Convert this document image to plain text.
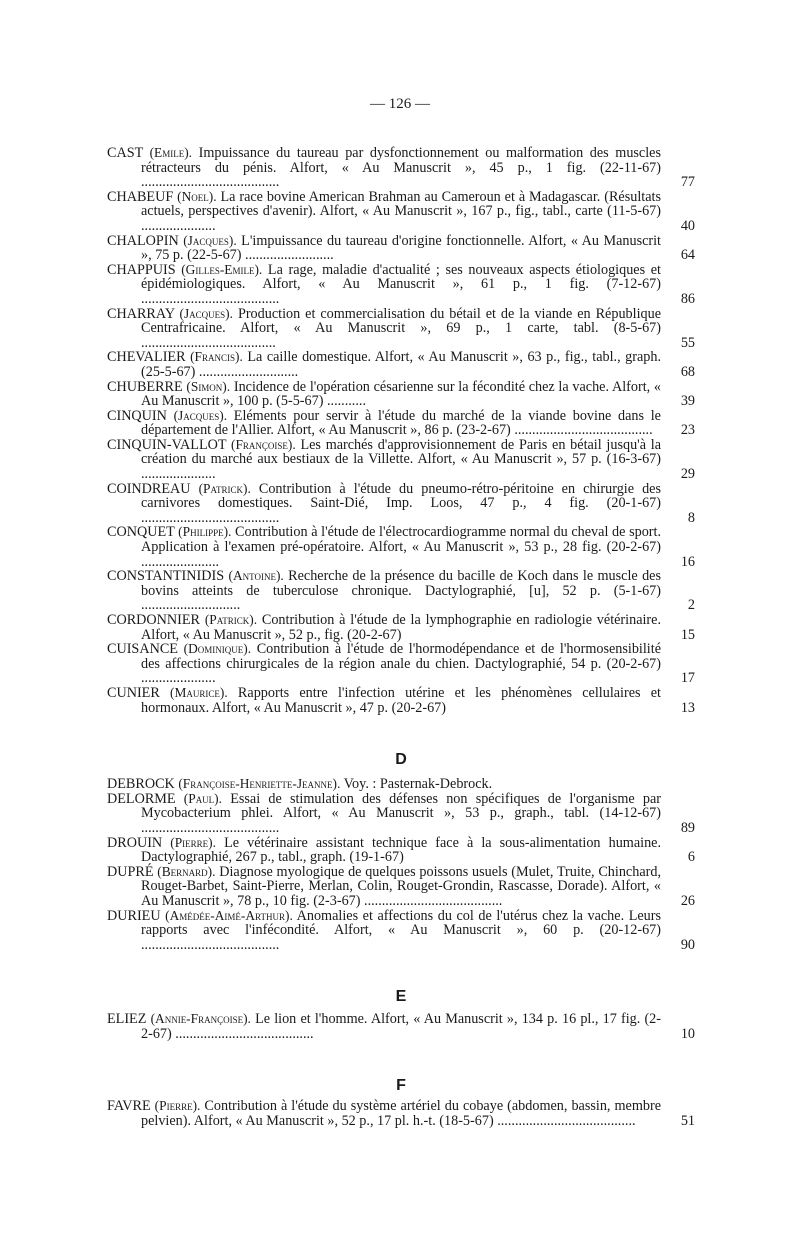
— 126 —
CAST (Emile). Impuissance du taureau par dysfonctionnement ou malformation des muscles rétracteurs du pénis. Alfort, « Au Manuscrit », 45 p., 1 fig. (22-11-67) .......................................	77
CHABEUF (Noel). La race bovine American Brahman au Cameroun et à Madagascar. (Résultats actuels, perspectives d'avenir). Alfort, « Au Manuscrit », 167 p., fig., tabl., carte (11-5-67) .....................	40
CHALOPIN (Jacques). L'impuissance du taureau d'origine fonctionnelle. Alfort, « Au Manuscrit », 75 p. (22-5-67) .........................	64
CHAPPUIS (Gilles-Emile). La rage, maladie d'actualité ; ses nouveaux aspects étiologiques et épidémiologiques. Alfort, « Au Manuscrit », 61 p., 1 fig. (7-12-67) .......................................	86
CHARRAY (Jacques). Production et commercialisation du bétail et de la viande en République Centrafricaine. Alfort, « Au Manuscrit », 69 p., 1 carte, tabl. (8-5-67) ......................................	55
CHEVALIER (Francis). La caille domestique. Alfort, « Au Manuscrit », 63 p., fig., tabl., graph. (25-5-67) ............................	68
CHUBERRE (Simon). Incidence de l'opération césarienne sur la fécondité chez la vache. Alfort, « Au Manuscrit », 100 p. (5-5-67) ...........	39
CINQUIN (Jacques). Eléments pour servir à l'étude du marché de la viande bovine dans le département de l'Allier. Alfort, « Au Manuscrit », 86 p. (23-2-67) ....................................... 23
CINQUIN-VALLOT (Françoise). Les marchés d'approvisionnement de Paris en bétail jusqu'à la création du marché aux bestiaux de la Villette. Alfort, « Au Manuscrit », 57 p. (16-3-67) .....................	29
COINDREAU (Patrick). Contribution à l'étude du pneumo-rétro-péritoine en chirurgie des carnivores domestiques. Saint-Dié, Imp. Loos, 47 p., 4 fig. (20-1-67) .......................................	8
CONQUET (Philippe). Contribution à l'étude de l'électrocardiogramme normal du cheval de sport. Application à l'examen pré-opératoire. Alfort, « Au Manuscrit », 53 p., 28 fig. (20-2-67) ......................	16
CONSTANTINIDIS (Antoine). Recherche de la présence du bacille de Koch dans le muscle des bovins atteints de tuberculose chronique. Dactylographié, [u], 52 p. (5-1-67) ............................	2
CORDONNIER (Patrick). Contribution à l'étude de la lymphographie en radiologie vétérinaire. Alfort, « Au Manuscrit », 52 p., fig. (20-2-67)	15
CUISANCE (Dominique). Contribution à l'étude de l'hormodépendance et de l'hormosensibilité des affections chirurgicales de la région anale du chien. Dactylographié, 54 p. (20-2-67) .....................	17
CUNIER (Maurice). Rapports entre l'infection utérine et les phénomènes cellulaires et hormonaux. Alfort, « Au Manuscrit », 47 p. (20-2-67)	13
D
DEBROCK (Françoise-Henriette-Jeanne). Voy. : Pasternak-Debrock.
DELORME (Paul). Essai de stimulation des défenses non spécifiques de l'organisme par Mycobacterium phlei. Alfort, « Au Manuscrit », 53 p., graph., tabl. (14-12-67) .......................................	89
DROUIN (Pierre). Le vétérinaire assistant technique face à la sous-alimentation humaine. Dactylographié, 267 p., tabl., graph. (19-1-67)	6
DUPRÉ (Bernard). Diagnose myologique de quelques poissons usuels (Mulet, Truite, Chinchard, Rouget-Barbet, Saint-Pierre, Merlan, Colin, Rouget-Grondin, Rascasse, Dorade). Alfort, « Au Manuscrit », 78 p., 10 fig. (2-3-67) .......................................	26
DURIEU (Amédée-Aimé-Arthur). Anomalies et affections du col de l'utérus chez la vache. Leurs rapports avec l'infécondité. Alfort, « Au Manuscrit », 60 p. (20-12-67) .......................................	90
E
ELIEZ (Annie-Françoise). Le lion et l'homme. Alfort, « Au Manuscrit », 134 p. 16 pl., 17 fig. (2-2-67) .......................................	10
F
FAVRE (Pierre). Contribution à l'étude du système artériel du cobaye (abdomen, bassin, membre pelvien). Alfort, « Au Manuscrit », 52 p., 17 pl. h.-t. (18-5-67) .......................................	51
